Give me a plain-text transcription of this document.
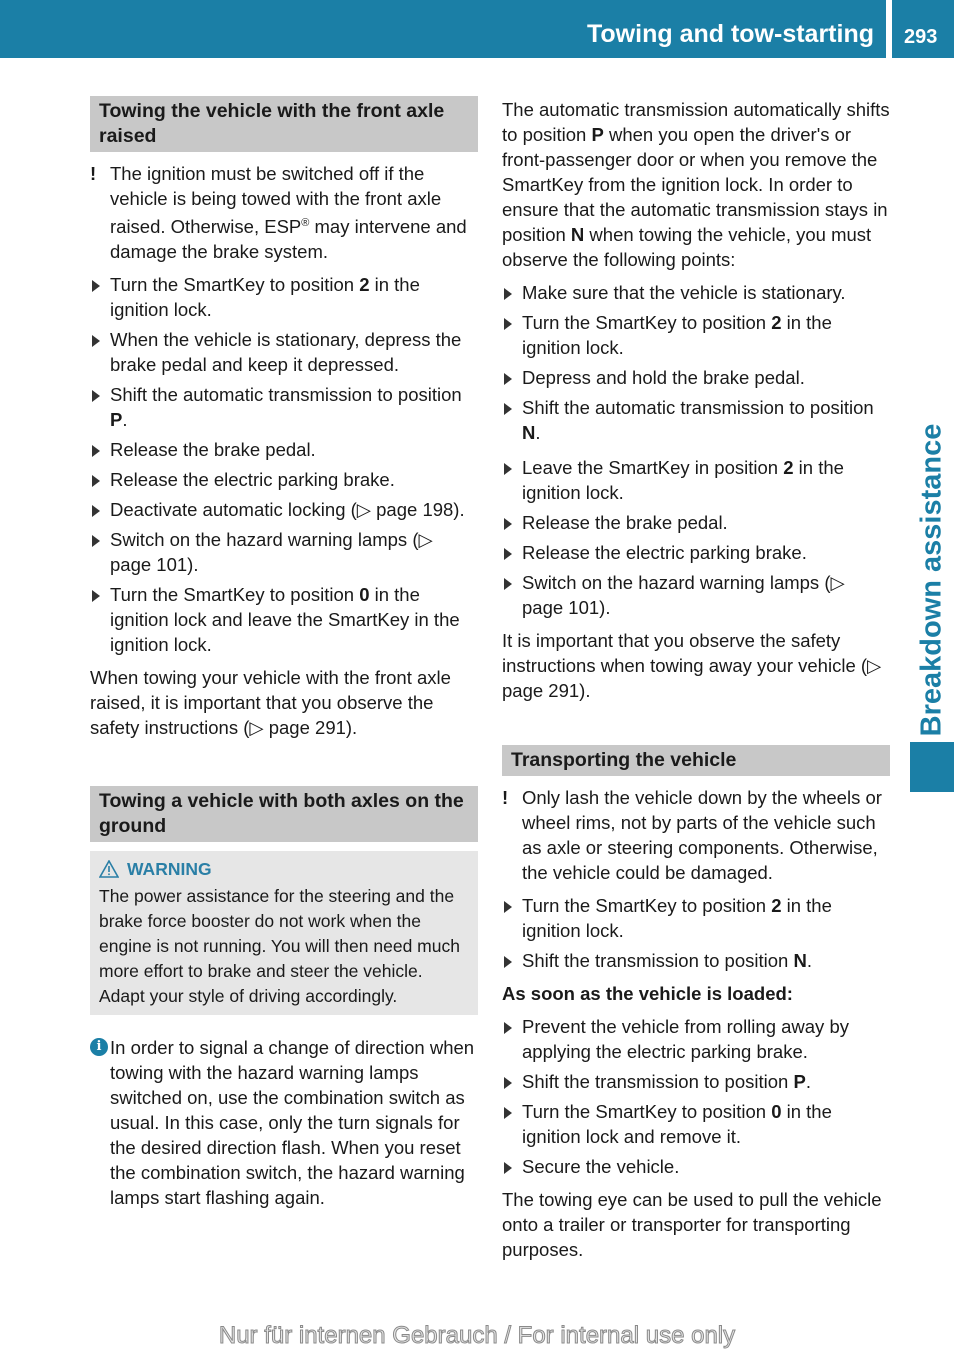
Towing and tow-starting 293
Breakdown assistance
Towing the vehicle with the front axle raised
! The ignition must be switched off if the vehicle is being towed with the front axle raised. Otherwise, ESP® may intervene and damage the brake system.
Turn the SmartKey to position 2 in the ignition lock.
When the vehicle is stationary, depress the brake pedal and keep it depressed.
Shift the automatic transmission to position P.
Release the brake pedal.
Release the electric parking brake.
Deactivate automatic locking (▷ page 198).
Switch on the hazard warning lamps (▷ page 101).
Turn the SmartKey to position 0 in the ignition lock and leave the SmartKey in the ignition lock.

When towing your vehicle with the front axle raised, it is important that you observe the safety instructions (▷ page 291).

Towing a vehicle with both axles on the ground
WARNING
The power assistance for the steering and the brake force booster do not work when the engine is not running. You will then need much more effort to brake and steer the vehicle. Adapt your style of driving accordingly.
i In order to signal a change of direction when towing with the hazard warning lamps switched on, use the combination switch as usual. In this case, only the turn signals for the desired direction flash. When you reset the combination switch, the hazard warning lamps start flashing again.

The automatic transmission automatically shifts to position P when you open the driver's or front-passenger door or when you remove the SmartKey from the ignition lock. In order to ensure that the automatic transmission stays in position N when towing the vehicle, you must observe the following points:

Make sure that the vehicle is stationary.
Turn the SmartKey to position 2 in the ignition lock.
Depress and hold the brake pedal.
Shift the automatic transmission to position N.
Leave the SmartKey in position 2 in the ignition lock.
Release the brake pedal.
Release the electric parking brake.
Switch on the hazard warning lamps (▷ page 101).

It is important that you observe the safety instructions when towing away your vehicle (▷ page 291).

Transporting the vehicle
! Only lash the vehicle down by the wheels or wheel rims, not by parts of the vehicle such as axle or steering components. Otherwise, the vehicle could be damaged.
Turn the SmartKey to position 2 in the ignition lock.
Shift the transmission to position N.
As soon as the vehicle is loaded:
Prevent the vehicle from rolling away by applying the electric parking brake.
Shift the transmission to position P.
Turn the SmartKey to position 0 in the ignition lock and remove it.
Secure the vehicle.

The towing eye can be used to pull the vehicle onto a trailer or transporter for transporting purposes.

Nur für internen Gebrauch / For internal use only
